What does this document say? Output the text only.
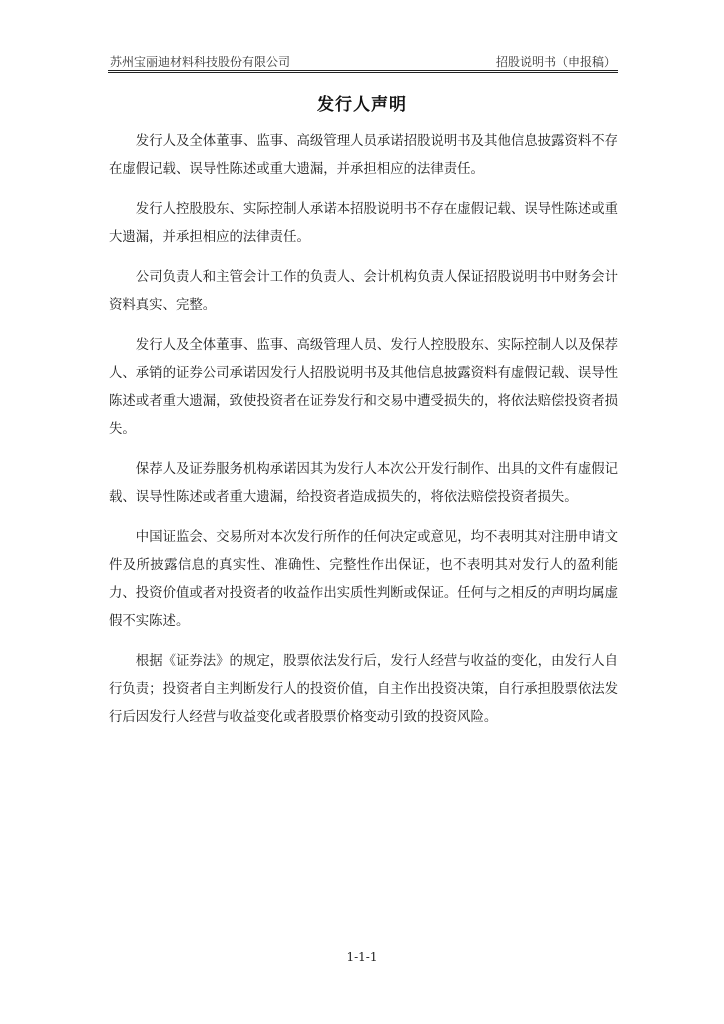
苏州宝丽迪材料科技股份有限公司	招股说明书（申报稿）
发行人声明

发行人及全体董事、监事、高级管理人员承诺招股说明书及其他信息披露资料不存在虚假记载、误导性陈述或重大遗漏，并承担相应的法律责任。

发行人控股股东、实际控制人承诺本招股说明书不存在虚假记载、误导性陈述或重大遗漏，并承担相应的法律责任。

公司负责人和主管会计工作的负责人、会计机构负责人保证招股说明书中财务会计资料真实、完整。

发行人及全体董事、监事、高级管理人员、发行人控股股东、实际控制人以及保荐人、承销的证券公司承诺因发行人招股说明书及其他信息披露资料有虚假记载、误导性陈述或者重大遗漏，致使投资者在证券发行和交易中遭受损失的，将依法赔偿投资者损失。

保荐人及证券服务机构承诺因其为发行人本次公开发行制作、出具的文件有虚假记载、误导性陈述或者重大遗漏，给投资者造成损失的，将依法赔偿投资者损失。

中国证监会、交易所对本次发行所作的任何决定或意见，均不表明其对注册申请文件及所披露信息的真实性、准确性、完整性作出保证，也不表明其对发行人的盈利能力、投资价值或者对投资者的收益作出实质性判断或保证。任何与之相反的声明均属虚假不实陈述。

根据《证券法》的规定，股票依法发行后，发行人经营与收益的变化，由发行人自行负责；投资者自主判断发行人的投资价值，自主作出投资决策，自行承担股票依法发行后因发行人经营与收益变化或者股票价格变动引致的投资风险。

1-1-1
